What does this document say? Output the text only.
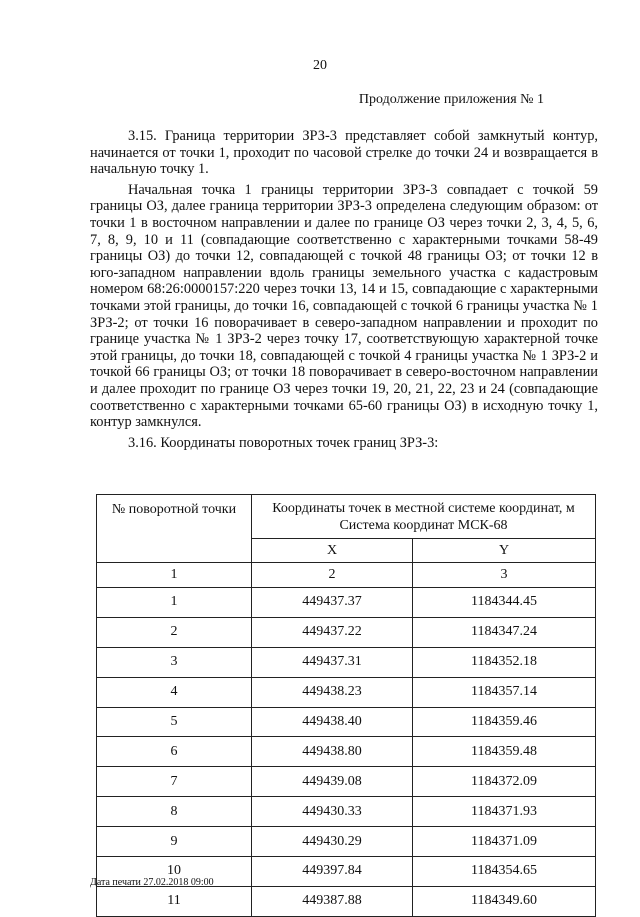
20
Продолжение приложения № 1

3.15. Граница территории ЗРЗ-3 представляет собой замкнутый контур, начинается от точки 1, проходит по часовой стрелке до точки 24 и возвращается в начальную точку 1.

Начальная точка 1 границы территории ЗРЗ-3 совпадает с точкой 59 границы ОЗ, далее граница территории ЗРЗ-3 определена следующим образом: от точки 1 в восточном направлении и далее по границе ОЗ через точки 2, 3, 4, 5, 6, 7, 8, 9, 10 и 11 (совпадающие соответственно с характерными точками 58-49 границы ОЗ) до точки 12, совпадающей с точкой 48 границы ОЗ; от точки 12 в юго-западном направлении вдоль границы земельного участка с кадастровым номером 68:26:0000157:220 через точки 13, 14 и 15, совпадающие с характерными точками этой границы, до точки 16, совпадающей с точкой 6 границы участка № 1 ЗРЗ-2; от точки 16 поворачивает в северо-западном направлении и проходит по границе участка № 1 ЗРЗ-2 через точку 17, соответствующую характерной точке этой границы, до точки 18, совпадающей с точкой 4 границы участка № 1 ЗРЗ-2 и точкой 66 границы ОЗ; от точки 18 поворачивает в северо-восточном направлении и далее проходит по границе ОЗ через точки 19, 20, 21, 22, 23 и 24 (совпадающие соответственно с характерными точками 65-60 границы ОЗ) в исходную точку 1, контур замкнулся.

3.16. Координаты поворотных точек границ ЗРЗ-3:

№ поворотной точки	Координаты точек в местной системе координат, м
Система координат МСК-68	

	X	Y
1	2	3
1	449437.37	1184344.45
2	449437.22	1184347.24
3	449437.31	1184352.18
4	449438.23	1184357.14
5	449438.40	1184359.46
6	449438.80	1184359.48
7	449439.08	1184372.09
8	449430.33	1184371.93
9	449430.29	1184371.09
10	449397.84	1184354.65
11	449387.88	1184349.60
Дата печати 27.02.2018 09:00
